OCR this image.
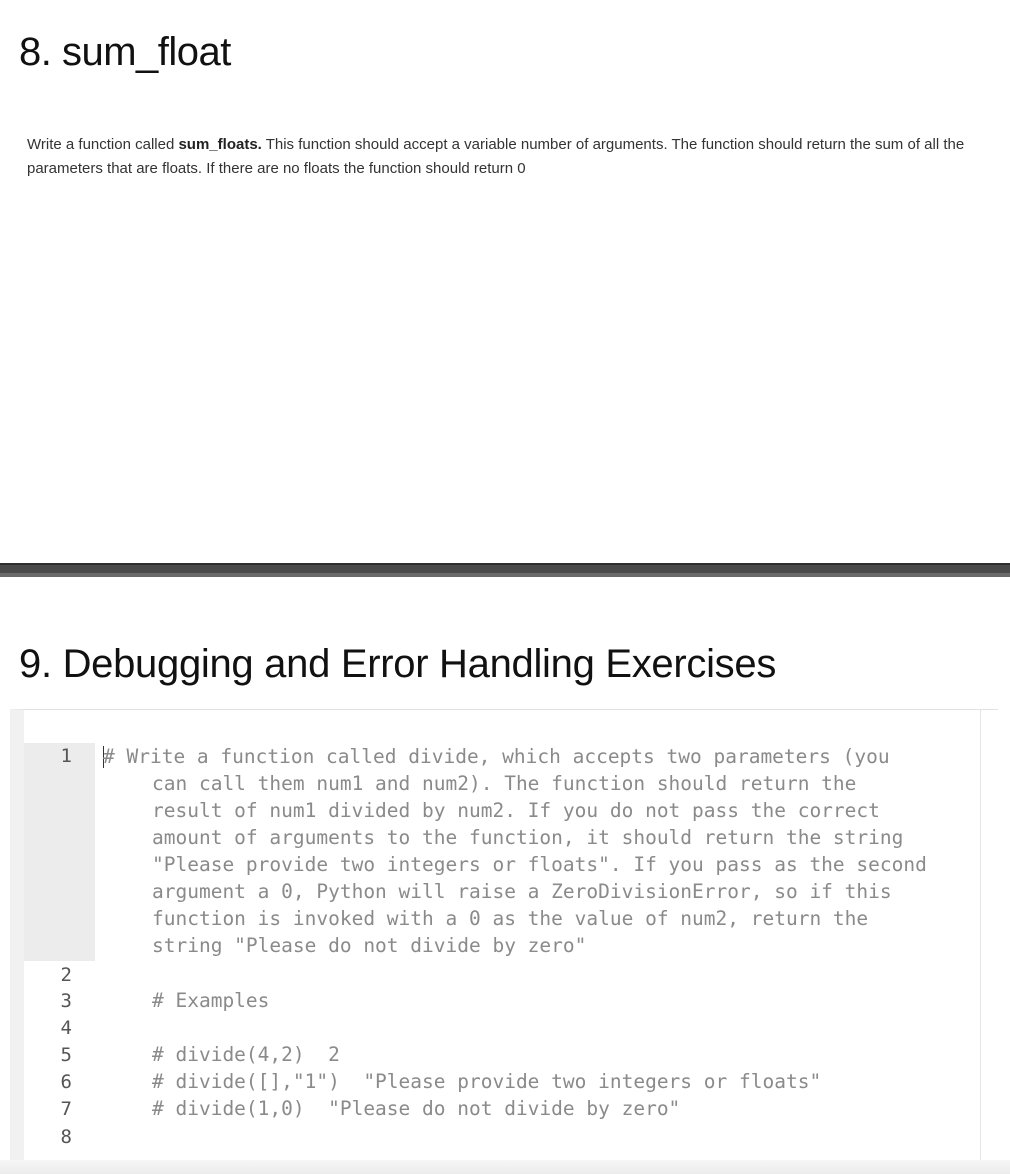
8. sum_float

Write a function called sum_floats. This function should accept a variable number of arguments. The function should return the sum of all the parameters that are floats. If there are no floats the function should return 0

9. Debugging and Error Handling Exercises
1
2
3
4
5
6
7
8
# Write a function called divide, which accepts two parameters (you
can call them num1 and num2). The function should return the
result of num1 divided by num2. If you do not pass the correct
amount of arguments to the function, it should return the string
"Please provide two integers or floats". If you pass as the second
argument a 0, Python will raise a ZeroDivisionError, so if this
function is invoked with a 0 as the value of num2, return the
string "Please do not divide by zero"
# Examples
# divide(4,2)  2
# divide([],"1")  "Please provide two integers or floats"
# divide(1,0)  "Please do not divide by zero"
